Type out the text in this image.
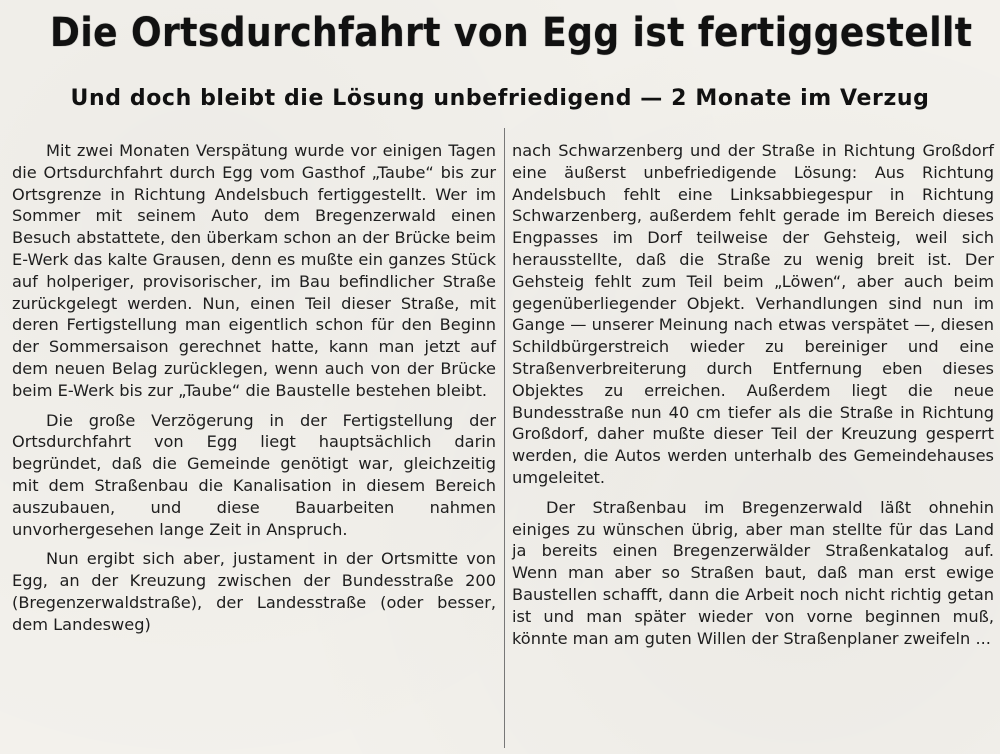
Die Ortsdurchfahrt von Egg ist fertiggestellt
Und doch bleibt die Lösung unbefriedigend — 2 Monate im Verzug

Mit zwei Monaten Verspätung wurde vor einigen Tagen die Ortsdurchfahrt durch Egg vom Gasthof „Taube“ bis zur Ortsgrenze in Richtung Andelsbuch fertiggestellt. Wer im Sommer mit seinem Auto dem Bregenzerwald einen Besuch abstattete, den überkam schon an der Brücke beim E-Werk das kalte Grausen, denn es mußte ein ganzes Stück auf holperiger, provisorischer, im Bau befindlicher Straße zurückgelegt werden. Nun, einen Teil dieser Straße, mit deren Fertigstellung man eigentlich schon für den Beginn der Sommersaison gerechnet hatte, kann man jetzt auf dem neuen Belag zurücklegen, wenn auch von der Brücke beim E-Werk bis zur „Taube“ die Baustelle bestehen bleibt.

Die große Verzögerung in der Fertigstellung der Ortsdurchfahrt von Egg liegt hauptsächlich darin begründet, daß die Gemeinde genötigt war, gleichzeitig mit dem Straßenbau die Kanalisation in diesem Bereich auszubauen, und diese Bauarbeiten nahmen unvorhergesehen lange Zeit in Anspruch.

Nun ergibt sich aber, justament in der Ortsmitte von Egg, an der Kreuzung zwischen der Bundesstraße 200 (Bregenzerwaldstraße), der Landesstraße (oder besser, dem Landesweg)

nach Schwarzenberg und der Straße in Richtung Großdorf eine äußerst unbefriedigende Lösung: Aus Richtung Andelsbuch fehlt eine Linksabbiegespur in Richtung Schwarzenberg, außerdem fehlt gerade im Bereich dieses Engpasses im Dorf teilweise der Gehsteig, weil sich herausstellte, daß die Straße zu wenig breit ist. Der Gehsteig fehlt zum Teil beim „Löwen“, aber auch beim gegenüberliegender Objekt. Verhandlungen sind nun im Gange — unserer Meinung nach etwas verspätet —, diesen Schildbürgerstreich wieder zu bereiniger und eine Straßenverbreiterung durch Entfernung eben dieses Objektes zu erreichen. Außerdem liegt die neue Bundesstraße nun 40 cm tiefer als die Straße in Richtung Großdorf, daher mußte dieser Teil der Kreuzung gesperrt werden, die Autos werden unterhalb des Gemeindehauses umgeleitet.

Der Straßenbau im Bregenzerwald läßt ohnehin einiges zu wünschen übrig, aber man stellte für das Land ja bereits einen Bregenzerwälder Straßenkatalog auf. Wenn man aber so Straßen baut, daß man erst ewige Baustellen schafft, dann die Arbeit noch nicht richtig getan ist und man später wieder von vorne beginnen muß, könnte man am guten Willen der Straßenplaner zweifeln ...
